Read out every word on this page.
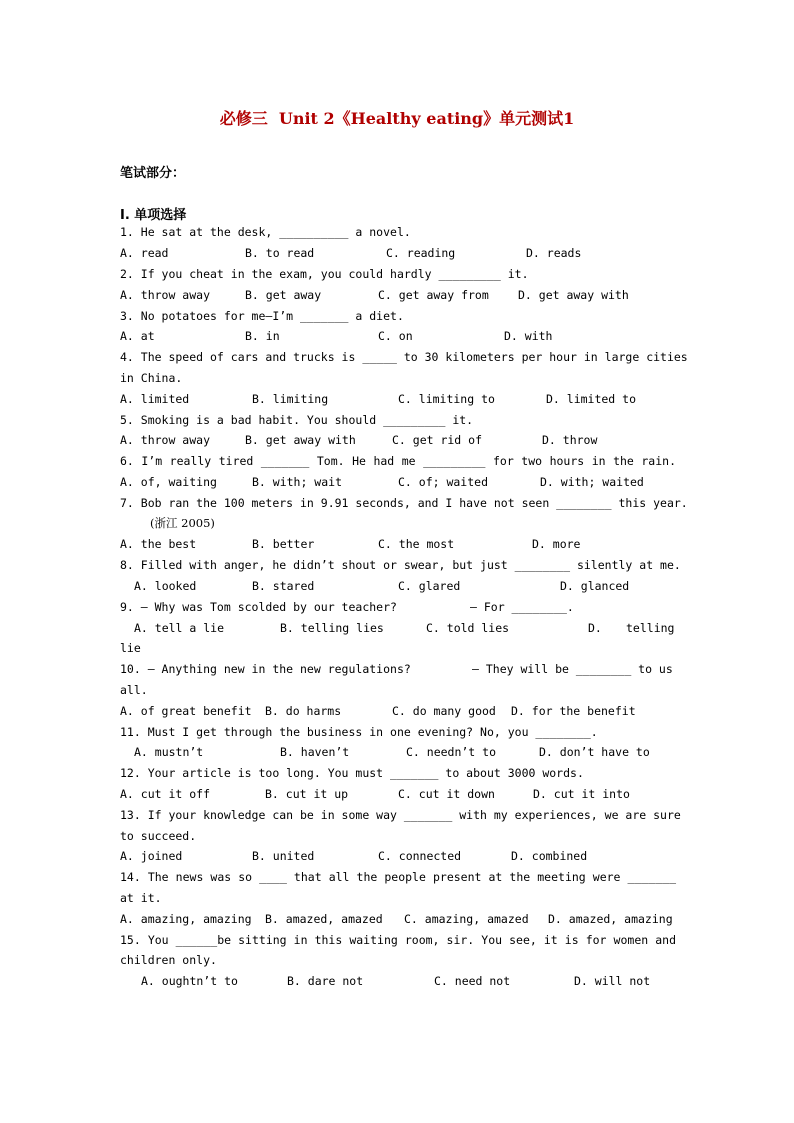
必修三  Unit 2《Healthy eating》单元测试1
笔试部分：
I. 单项选择
1. He sat at the desk, __________ a novel.
A. read	B. to read	C. reading	D. reads
2. If you cheat in the exam, you could hardly _________ it.
A. throw away	B. get away	C. get away from	D. get away with
3. No potatoes for me—I’m _______ a diet.
A. at	B. in	C. on	D. with
4. The speed of cars and trucks is _____ to 30 kilometers per hour in large cities
in China.
A. limited	B. limiting	C. limiting to	D. limited to
5. Smoking is a bad habit. You should _________ it.
A. throw away	B. get away with	C. get rid of	D. throw
6. I’m really tired _______ Tom. He had me _________ for two hours in the rain.
A. of, waiting	B. with; wait	C. of; waited	D. with; waited
7. Bob ran the 100 meters in 9.91 seconds, and I have not seen ________ this year.
(浙江 2005)
A. the best	B. better	C. the most	D. more
8. Filled with anger, he didn’t shout or swear, but just ________ silently at me.
A. looked	B. stared	C. glared	D. glanced
9. — Why was Tom scolded by our teacher?	— For ________.
A. tell a lie	B. telling lies	C. told lies	D. telling
lie
10. — Anything new in the new regulations?	— They will be ________ to us
all.
A. of great benefit B. do harms	C. do many good D. for the benefit
11. Must I get through the business in one evening? No, you ________.
A. mustn’t	B. haven’t	C. needn’t to	D. don’t have to
12. Your article is too long. You must _______ to about 3000 words.
A. cut it off	B. cut it up	C. cut it down	D. cut it into
13. If your knowledge can be in some way _______ with my experiences, we are sure
to succeed.
A. joined	B. united	C. connected	D. combined
14. The news was so ____ that all the people present at the meeting were _______
at it.
A. amazing, amazing B. amazed, amazed C. amazing, amazed D. amazed, amazing
15. You ______be sitting in this waiting room, sir. You see, it is for women and
children only.
A. oughtn’t to	B. dare not	C. need not	D. will not
